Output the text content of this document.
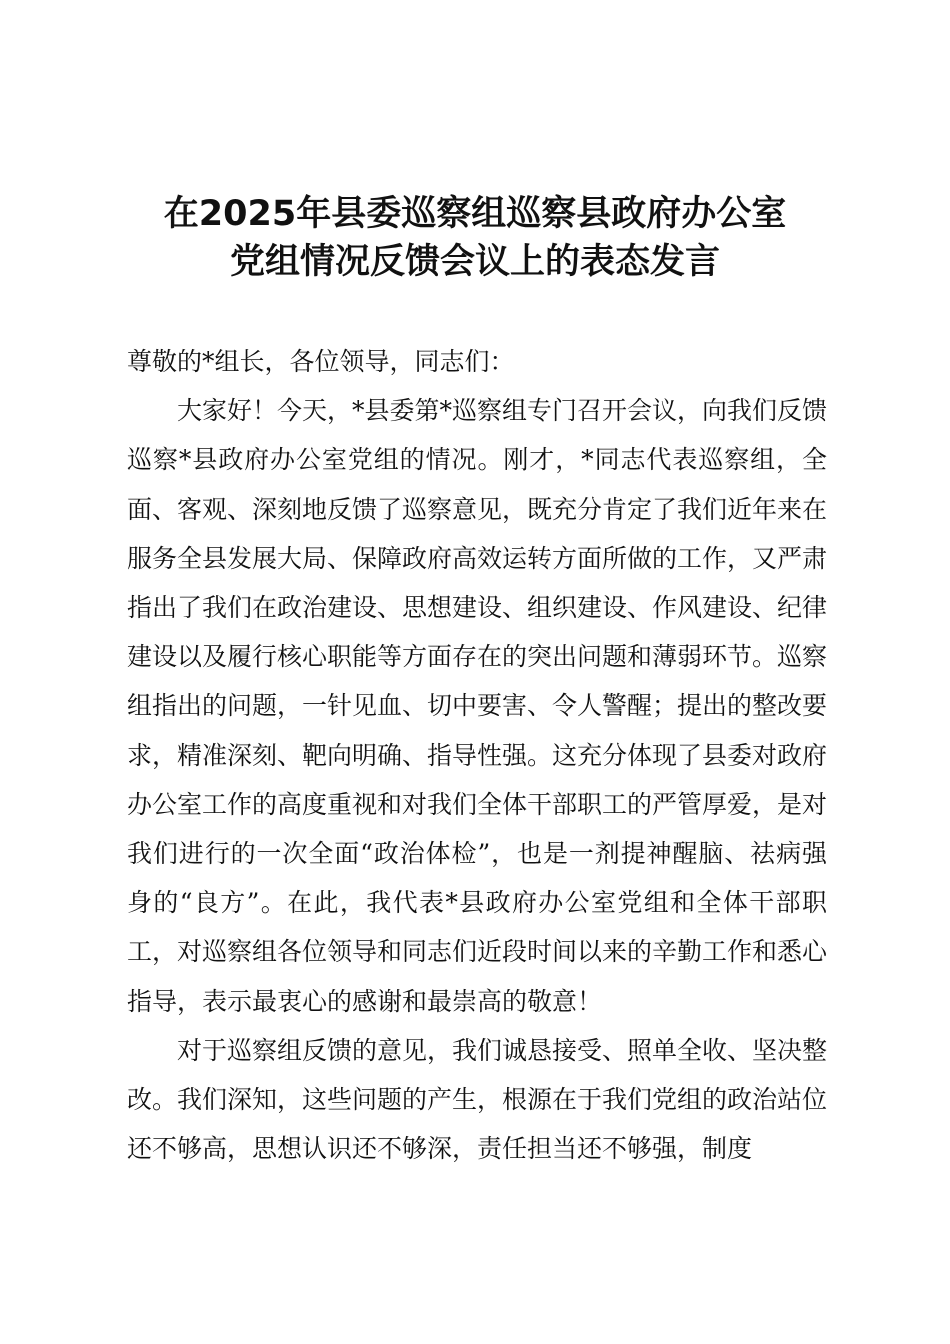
在2025年县委巡察组巡察县政府办公室
党组情况反馈会议上的表态发言

尊敬的*组长，各位领导，同志们：

大家好！今天，*县委第*巡察组专门召开会议，向我们反馈巡察*县政府办公室党组的情况。刚才，*同志代表巡察组，全面、客观、深刻地反馈了巡察意见，既充分肯定了我们近年来在服务全县发展大局、保障政府高效运转方面所做的工作，又严肃指出了我们在政治建设、思想建设、组织建设、作风建设、纪律建设以及履行核心职能等方面存在的突出问题和薄弱环节。巡察组指出的问题，一针见血、切中要害、令人警醒；提出的整改要求，精准深刻、靶向明确、指导性强。这充分体现了县委对政府办公室工作的高度重视和对我们全体干部职工的严管厚爱，是对我们进行的一次全面“政治体检”，也是一剂提神醒脑、祛病强身的“良方”。在此，我代表*县政府办公室党组和全体干部职工，对巡察组各位领导和同志们近段时间以来的辛勤工作和悉心指导，表示最衷心的感谢和最崇高的敬意！

对于巡察组反馈的意见，我们诚恳接受、照单全收、坚决整改。我们深知，这些问题的产生，根源在于我们党组的政治站位还不够高，思想认识还不够深，责任担当还不够强，制度
